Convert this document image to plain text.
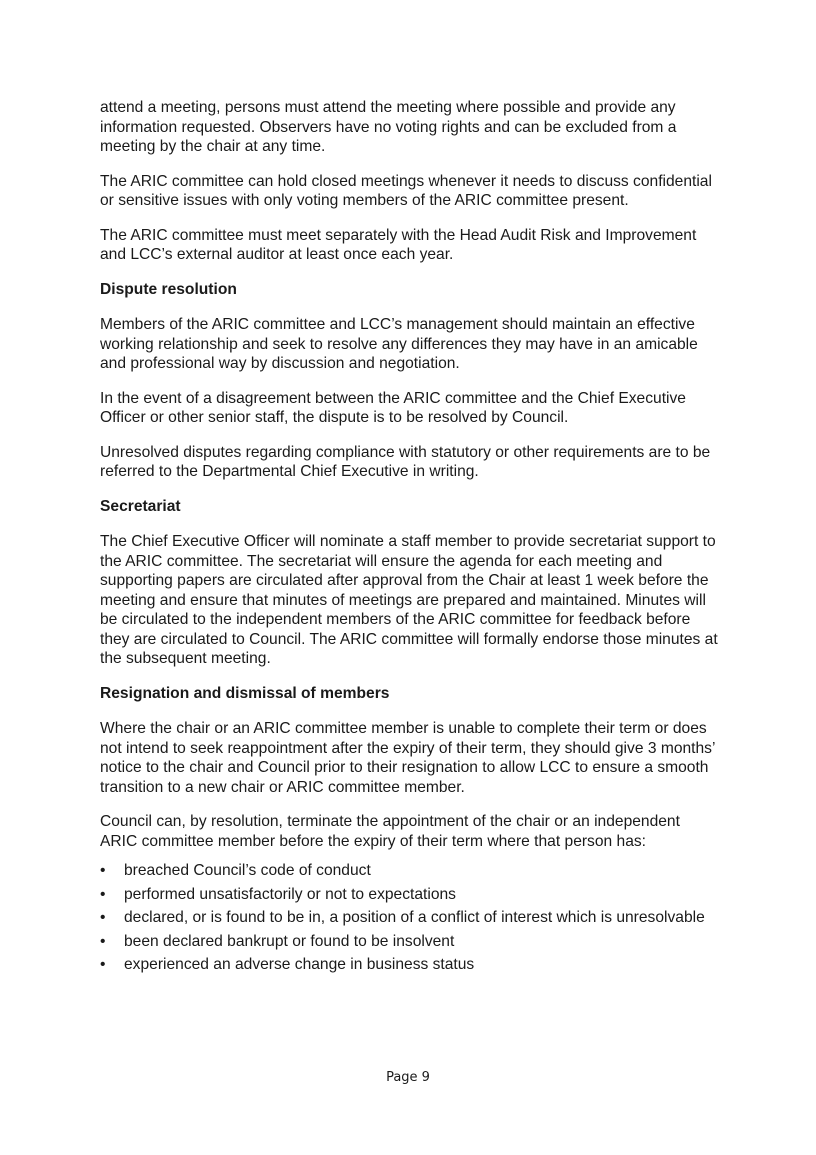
attend a meeting, persons must attend the meeting where possible and provide any information requested. Observers have no voting rights and can be excluded from a meeting by the chair at any time.

The ARIC committee can hold closed meetings whenever it needs to discuss confidential or sensitive issues with only voting members of the ARIC committee present.

The ARIC committee must meet separately with the Head Audit Risk and Improvement and LCC’s external auditor at least once each year.

Dispute resolution

Members of the ARIC committee and LCC’s management should maintain an effective working relationship and seek to resolve any differences they may have in an amicable and professional way by discussion and negotiation.

In the event of a disagreement between the ARIC committee and the Chief Executive Officer or other senior staff, the dispute is to be resolved by Council.

Unresolved disputes regarding compliance with statutory or other requirements are to be referred to the Departmental Chief Executive in writing.

Secretariat

The Chief Executive Officer will nominate a staff member to provide secretariat support to the ARIC committee. The secretariat will ensure the agenda for each meeting and supporting papers are circulated after approval from the Chair at least 1 week before the meeting and ensure that minutes of meetings are prepared and maintained. Minutes will be circulated to the independent members of the ARIC committee for feedback before they are circulated to Council. The ARIC committee will formally endorse those minutes at the subsequent meeting.

Resignation and dismissal of members

Where the chair or an ARIC committee member is unable to complete their term or does not intend to seek reappointment after the expiry of their term, they should give 3 months’ notice to the chair and Council prior to their resignation to allow LCC to ensure a smooth transition to a new chair or ARIC committee member.

Council can, by resolution, terminate the appointment of the chair or an independent ARIC committee member before the expiry of their term where that person has:

• breached Council’s code of conduct
• performed unsatisfactorily or not to expectations
• declared, or is found to be in, a position of a conflict of interest which is unresolvable
• been declared bankrupt or found to be insolvent
• experienced an adverse change in business status
Page 9
